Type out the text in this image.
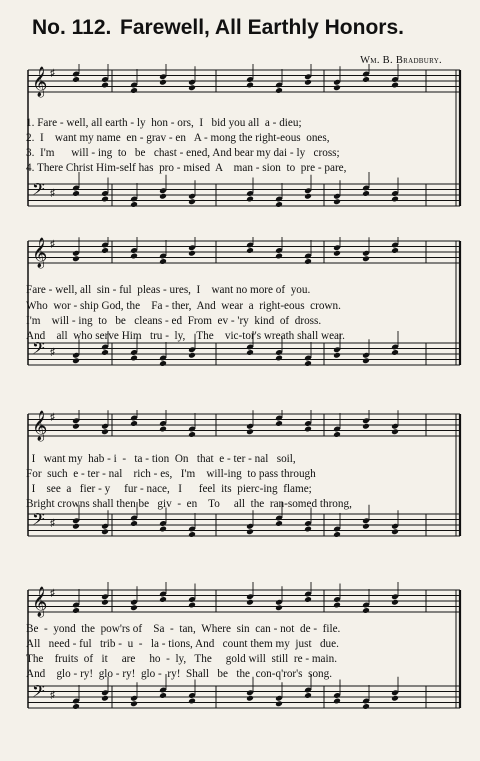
No. 112. Farewell, All Earthly Honors.
Wm. B. Bradbury.
1. Fare - well, all earth - ly  hon - ors,  I   bid you all  a - dieu;
2.  I    want my name  en - grav - en   A - mong the right-eous  ones,
3.  I'm      will - ing  to   be   chast - ened, And bear my dai - ly   cross;
4. There Christ Him-self has  pro - mised  A    man - sion  to  pre - pare,
𝄞 ♯
𝄢 ♯
Fare - well, all  sin - ful  pleas - ures,  I    want no more of  you.
Who  wor - ship God, the    Fa - ther,  And  wear  a  right-eous  crown.
I'm    will - ing  to   be   cleans - ed  From  ev - 'ry  kind  of  dross.
And    all  who serve Him   tru -  ly,    The    vic-tor's wreath shall wear.
𝄞 ♯
𝄢 ♯
I   want my  hab - i  -   ta - tion  On   that  e - ter - nal   soil,
For  such  e - ter - nal    rich - es,   I'm    will-ing  to pass through
I    see  a   fier - y     fur - nace,   I      feel  its  pierc-ing  flame;
Bright crowns shall then be   giv  -  en    To     all  the  ran-somed throng,
𝄞 ♯
𝄢 ♯
Be  -  yond  the  pow'rs of    Sa  -  tan,  Where  sin  can - not  de -  file.
All   need - ful   trib -  u  -   la - tions, And   count them my  just   due.
The    fruits  of   it     are     ho  -  ly,   The     gold will  still  re - main.
And    glo - ry!  glo - ry!  glo -  ry!  Shall   be   the  con-q'ror's  song.
𝄞 ♯
𝄢 ♯
